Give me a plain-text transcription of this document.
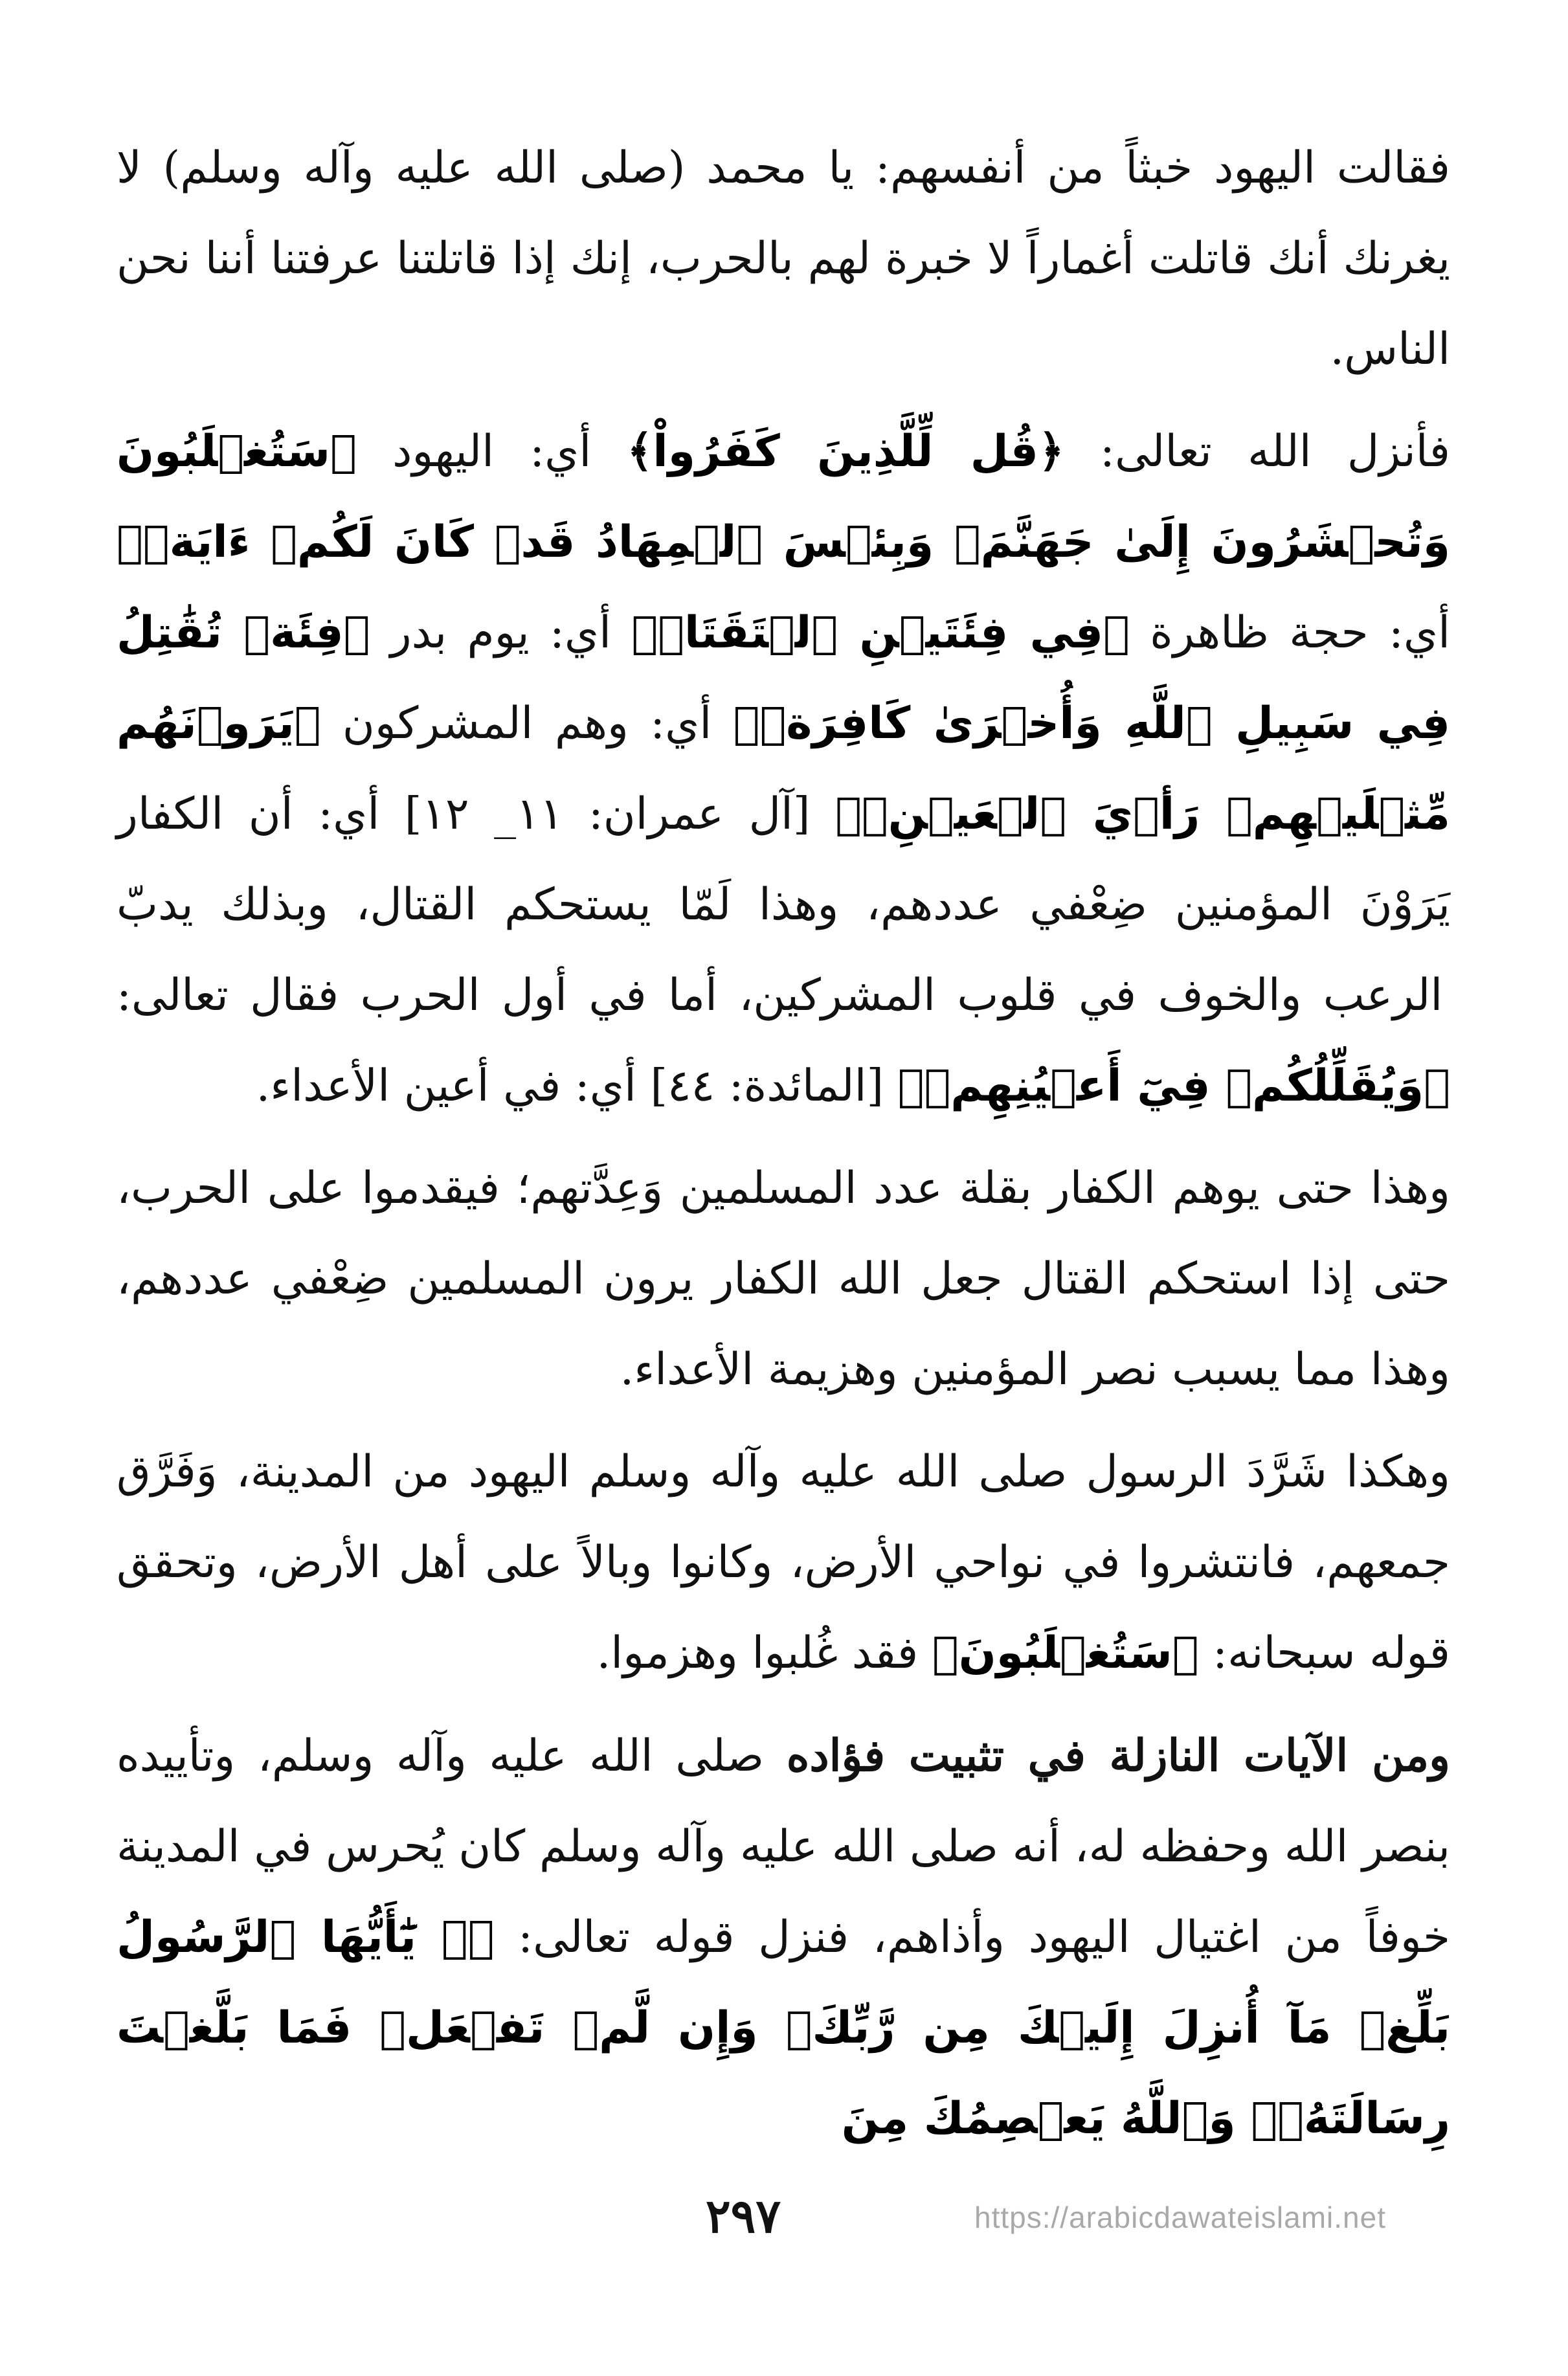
فقالت اليهود خبثاً من أنفسهم: يا محمد (صلى الله عليه وآله وسلم) لا يغرنك أنك قاتلت أغماراً لا خبرة لهم بالحرب، إنك إذا قاتلتنا عرفتنا أننا نحن الناس.

فأنزل الله تعالى: ﴿قُل لِّلَّذِينَ كَفَرُواْ﴾ أي: اليهود ﴿سَتُغۡلَبُونَ وَتُحۡشَرُونَ إِلَىٰ جَهَنَّمَۖ وَبِئۡسَ ٱلۡمِهَادُ قَدۡ كَانَ لَكُمۡ ءَايَةٞ﴾ أي: حجة ظاهرة ﴿فِي فِئَتَيۡنِ ٱلۡتَقَتَاۖ﴾ أي: يوم بدر ﴿فِئَةٞ تُقَٰتِلُ فِي سَبِيلِ ٱللَّهِ وَأُخۡرَىٰ كَافِرَةٞ﴾ أي: وهم المشركون ﴿يَرَوۡنَهُم مِّثۡلَيۡهِمۡ رَأۡيَ ٱلۡعَيۡنِۚ﴾ [آل عمران: ١١_ ١٢] أي: أن الكفار يَرَوْنَ المؤمنين ضِعْفي عددهم، وهذا لَمّا يستحكم القتال، وبذلك يدبّ الرعب والخوف في قلوب المشركين، أما في أول الحرب فقال تعالى: ﴿وَيُقَلِّلُكُمۡ فِيٓ أَعۡيُنِهِمۡ﴾ [المائدة: ٤٤] أي: في أعين الأعداء.

وهذا حتى يوهم الكفار بقلة عدد المسلمين وَعِدَّتهم؛ فيقدموا على الحرب، حتى إذا استحكم القتال جعل الله الكفار يرون المسلمين ضِعْفي عددهم، وهذا مما يسبب نصر المؤمنين وهزيمة الأعداء.

وهكذا شَرَّدَ الرسول صلى الله عليه وآله وسلم اليهود من المدينة، وَفَرَّق جمعهم، فانتشروا في نواحي الأرض، وكانوا وبالاً على أهل الأرض، وتحقق قوله سبحانه: ﴿سَتُغۡلَبُونَ﴾ فقد غُلبوا وهزموا.

ومن الآيات النازلة في تثبيت فؤاده صلى الله عليه وآله وسلم، وتأييده بنصر الله وحفظه له، أنه صلى الله عليه وآله وسلم كان يُحرس في المدينة خوفاً من اغتيال اليهود وأذاهم، فنزل قوله تعالى: ﴿۞ يَٰٓأَيُّهَا ٱلرَّسُولُ بَلِّغۡ مَآ أُنزِلَ إِلَيۡكَ مِن رَّبِّكَۖ وَإِن لَّمۡ تَفۡعَلۡ فَمَا بَلَّغۡتَ رِسَالَتَهُۥۚ وَٱللَّهُ يَعۡصِمُكَ مِنَ

٢٩٧	https://arabicdawateislami.net
